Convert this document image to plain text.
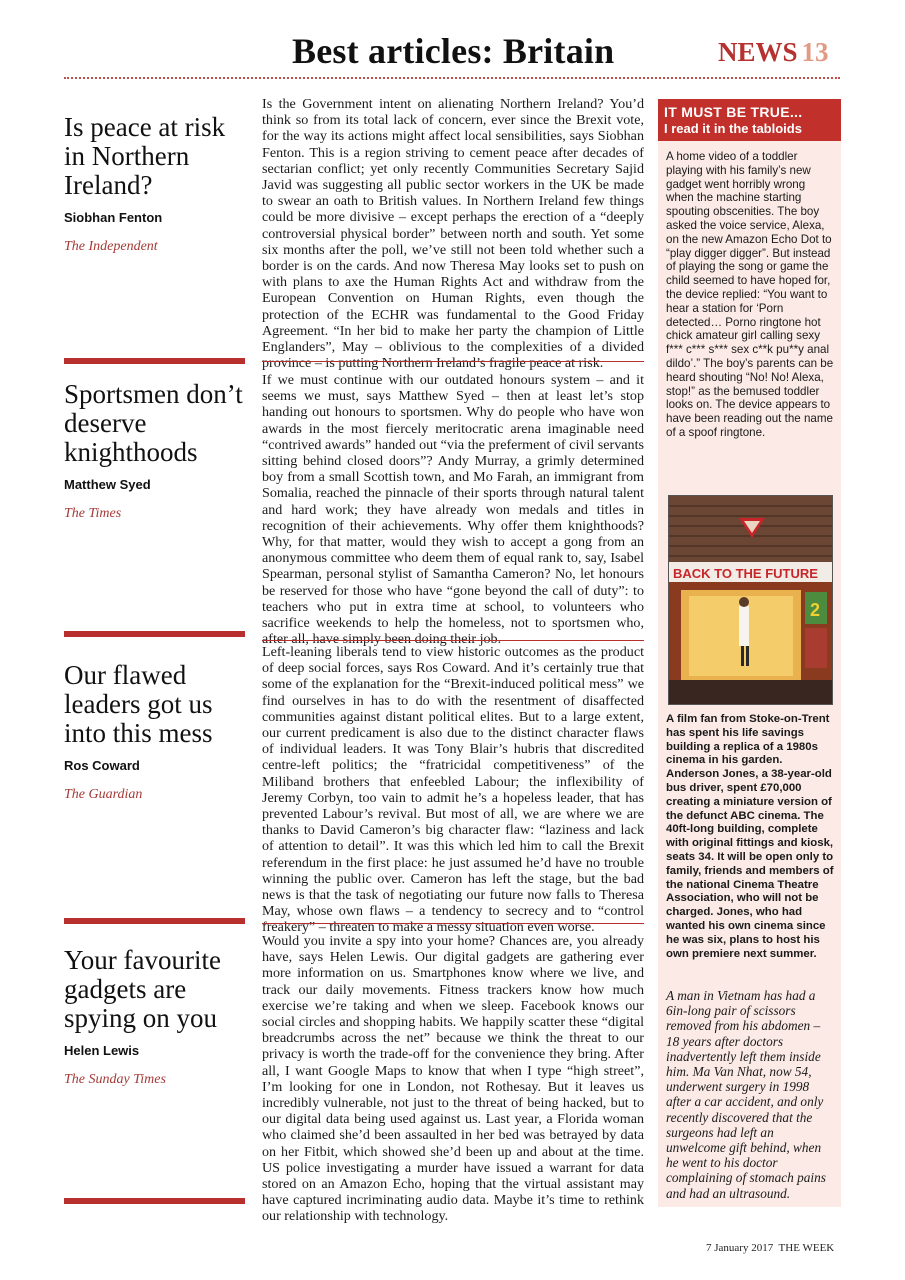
Best articles: Britain	NEWS 13
Is peace at risk in Northern Ireland?
Siobhan Fenton
The Independent

Is the Government intent on alienating Northern Ireland? You’d think so from its total lack of concern, ever since the Brexit vote, for the way its actions might affect local sensibilities, says Siobhan Fenton. This is a region striving to cement peace after decades of sectarian conflict; yet only recently Communities Secretary Sajid Javid was suggesting all public sector workers in the UK be made to swear an oath to British values. In Northern Ireland few things could be more divisive – except perhaps the erection of a “deeply controversial physical border” between north and south. Yet some six months after the poll, we’ve still not been told whether such a border is on the cards. And now Theresa May looks set to push on with plans to axe the Human Rights Act and withdraw from the European Convention on Human Rights, even though the protection of the ECHR was fundamental to the Good Friday Agreement. “In her bid to make her party the champion of Little Englanders”, May – oblivious to the complexities of a divided province – is putting Northern Ireland’s fragile peace at risk.

Sportsmen don’t deserve knighthoods
Matthew Syed
The Times

If we must continue with our outdated honours system – and it seems we must, says Matthew Syed – then at least let’s stop handing out honours to sportsmen. Why do people who have won awards in the most fiercely meritocratic arena imaginable need “contrived awards” handed out “via the preferment of civil servants sitting behind closed doors”? Andy Murray, a grimly determined boy from a small Scottish town, and Mo Farah, an immigrant from Somalia, reached the pinnacle of their sports through natural talent and hard work; they have already won medals and titles in recognition of their achievements. Why offer them knighthoods? Why, for that matter, would they wish to accept a gong from an anonymous committee who deem them of equal rank to, say, Isabel Spearman, personal stylist of Samantha Cameron? No, let honours be reserved for those who have “gone beyond the call of duty”: to teachers who put in extra time at school, to volunteers who sacrifice weekends to help the homeless, not to sportsmen who, after all, have simply been doing their job.

Our flawed leaders got us into this mess
Ros Coward
The Guardian

Left-leaning liberals tend to view historic outcomes as the product of deep social forces, says Ros Coward. And it’s certainly true that some of the explanation for the “Brexit-induced political mess” we find ourselves in has to do with the resentment of disaffected communities against distant political elites. But to a large extent, our current predicament is also due to the distinct character flaws of individual leaders. It was Tony Blair’s hubris that discredited centre-left politics; the “fratricidal competitiveness” of the Miliband brothers that enfeebled Labour; the inflexibility of Jeremy Corbyn, too vain to admit he’s a hopeless leader, that has prevented Labour’s revival. But most of all, we are where we are thanks to David Cameron’s big character flaw: “laziness and lack of attention to detail”. It was this which led him to call the Brexit referendum in the first place: he just assumed he’d have no trouble winning the public over. Cameron has left the stage, but the bad news is that the task of negotiating our future now falls to Theresa May, whose own flaws – a tendency to secrecy and to “control freakery” – threaten to make a messy situation even worse.

Your favourite gadgets are spying on you
Helen Lewis
The Sunday Times

Would you invite a spy into your home? Chances are, you already have, says Helen Lewis. Our digital gadgets are gathering ever more information on us. Smartphones know where we live, and track our daily movements. Fitness trackers know how much exercise we’re taking and when we sleep. Facebook knows our social circles and shopping habits. We happily scatter these “digital breadcrumbs across the net” because we think the threat to our privacy is worth the trade-off for the convenience they bring. After all, I want Google Maps to know that when I type “high street”, I’m looking for one in London, not Rothesay. But it leaves us incredibly vulnerable, not just to the threat of being hacked, but to our digital data being used against us. Last year, a Florida woman who claimed she’d been assaulted in her bed was betrayed by data on her Fitbit, which showed she’d been up and about at the time. US police investigating a murder have issued a warrant for data stored on an Amazon Echo, hoping that the virtual assistant may have captured incriminating audio data. Maybe it’s time to rethink our relationship with technology.

IT MUST BE TRUE...
I read it in the tabloids

A home video of a toddler playing with his family’s new gadget went horribly wrong when the machine starting spouting obscenities. The boy asked the voice service, Alexa, on the new Amazon Echo Dot to “play digger digger”. But instead of playing the song or game the child seemed to have hoped for, the device replied: “You want to hear a station for ‘Porn detected… Porno ringtone hot chick amateur girl calling sexy f*** c*** s*** sex c**k pu**y anal dildo’.” The boy’s parents can be heard shouting “No! No! Alexa, stop!” as the bemused toddler looks on. The device appears to have been reading out the name of a spoof ringtone.

BACK TO THE FUTURE
2

A film fan from Stoke-on-Trent has spent his life savings building a replica of a 1980s cinema in his garden. Anderson Jones, a 38-year-old bus driver, spent £70,000 creating a miniature version of the defunct ABC cinema. The 40ft-long building, complete with original fittings and kiosk, seats 34. It will be open only to family, friends and members of the national Cinema Theatre Association, who will not be charged. Jones, who had wanted his own cinema since he was six, plans to host his own premiere next summer.

A man in Vietnam has had a 6in-long pair of scissors removed from his abdomen – 18 years after doctors inadvertently left them inside him. Ma Van Nhat, now 54, underwent surgery in 1998 after a car accident, and only recently discovered that the surgeons had left an unwelcome gift behind, when he went to his doctor complaining of stomach pains and had an ultrasound.

7 January 2017 THE WEEK
